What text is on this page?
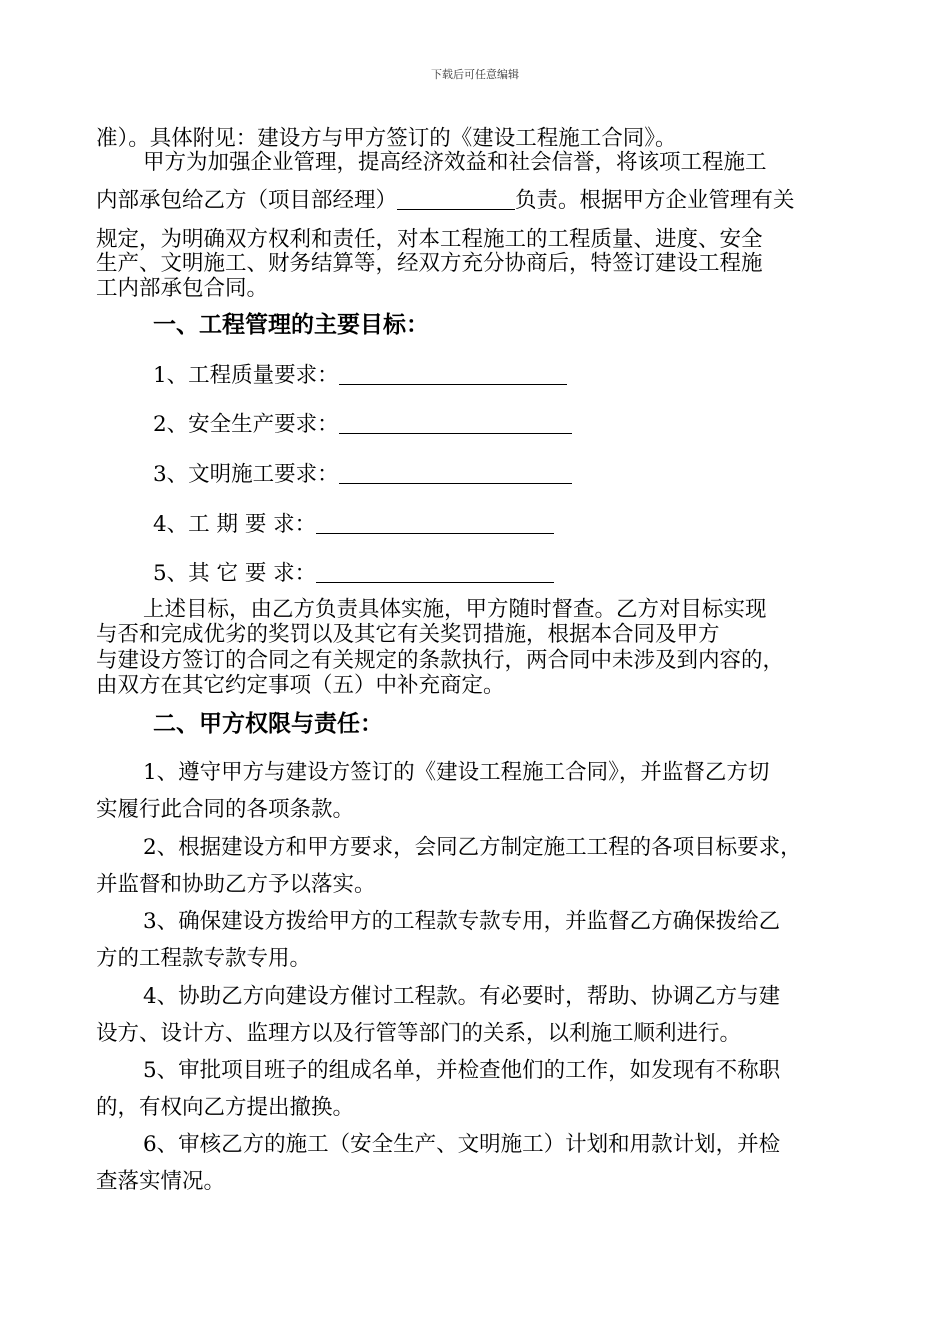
下载后可任意编辑

准）。具体附见：建设方与甲方签订的《建设工程施工合同》。

甲方为加强企业管理，提高经济效益和社会信誉，将该项工程施工

内部承包给乙方（项目部经理）	负责。根据甲方企业管理有关

规定，为明确双方权利和责任，对本工程施工的工程质量、进度、安全

生产、文明施工、财务结算等，经双方充分协商后，特签订建设工程施

工内部承包合同。

一、工程管理的主要目标：

1、工程质量要求：

2、安全生产要求：

3、文明施工要求：

4、工 期 要 求：

5、其 它 要 求：

上述目标，由乙方负责具体实施，甲方随时督查。乙方对目标实现

与否和完成优劣的奖罚以及其它有关奖罚措施，根据本合同及甲方

与建设方签订的合同之有关规定的条款执行，两合同中未涉及到内容的，

由双方在其它约定事项（五）中补充商定。

二、甲方权限与责任：

1、遵守甲方与建设方签订的《建设工程施工合同》，并监督乙方切

实履行此合同的各项条款。

2、根据建设方和甲方要求，会同乙方制定施工工程的各项目标要求，

并监督和协助乙方予以落实。

3、确保建设方拨给甲方的工程款专款专用，并监督乙方确保拨给乙

方的工程款专款专用。

4、协助乙方向建设方催讨工程款。有必要时，帮助、协调乙方与建

设方、设计方、监理方以及行管等部门的关系，以利施工顺利进行。

5、审批项目班子的组成名单，并检查他们的工作，如发现有不称职

的，有权向乙方提出撤换。

6、审核乙方的施工（安全生产、文明施工）计划和用款计划，并检

查落实情况。
